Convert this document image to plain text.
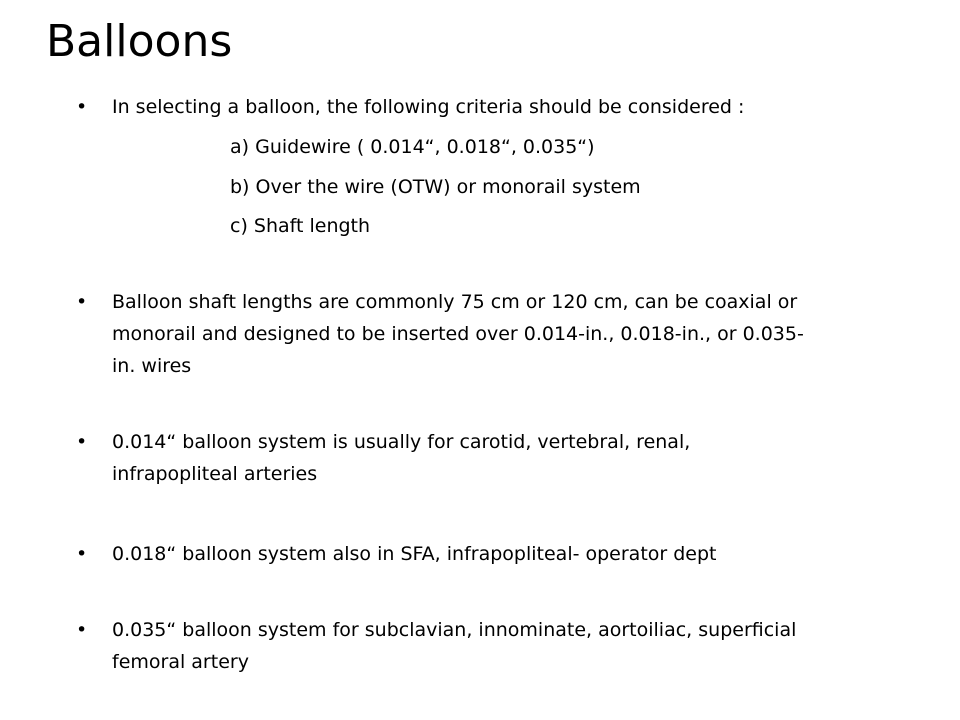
Balloons
• In selecting a balloon, the following criteria should be considered :
a) Guidewire ( 0.014“, 0.018“, 0.035“)
b) Over the wire (OTW) or monorail system
c) Shaft length
• Balloon shaft lengths are commonly 75 cm or 120 cm, can be coaxial or monorail and designed to be inserted over 0.014-in., 0.018-in., or 0.035-in. wires
• 0.014“ balloon system is usually for carotid, vertebral, renal, infrapopliteal arteries
• 0.018“ balloon system also in SFA, infrapopliteal- operator dept
• 0.035“ balloon system for subclavian, innominate, aortoiliac, superficial femoral artery
